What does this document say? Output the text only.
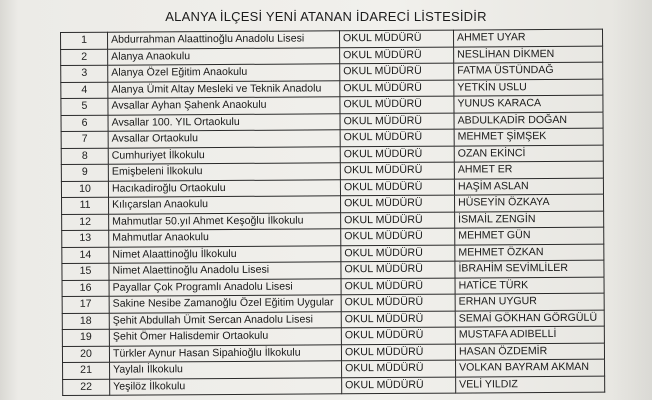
ALANYA İLÇESİ YENİ ATANAN İDARECİ LİSTESİDİR
1	Abdurrahman Alaattinoğlu Anadolu Lisesi	OKUL MÜDÜRÜ	AHMET UYAR
2	Alanya Anaokulu	OKUL MÜDÜRÜ	NESLİHAN DİKMEN
3	Alanya Özel Eğitim Anaokulu	OKUL MÜDÜRÜ	FATMA ÜSTÜNDAĞ
4	Alanya Ümit Altay Mesleki ve Teknik Anadolu	OKUL MÜDÜRÜ	YETKİN USLU
5	Avsallar Ayhan Şahenk Anaokulu	OKUL MÜDÜRÜ	YUNUS KARACA
6	Avsallar 100. YIL Ortaokulu	OKUL MÜDÜRÜ	ABDULKADİR DOĞAN
7	Avsallar Ortaokulu	OKUL MÜDÜRÜ	MEHMET ŞİMŞEK
8	Cumhuriyet İlkokulu	OKUL MÜDÜRÜ	OZAN EKİNCİ
9	Emişbeleni İlkokulu	OKUL MÜDÜRÜ	AHMET ER
10	Hacıkadiroğlu Ortaokulu	OKUL MÜDÜRÜ	HAŞİM ASLAN
11	Kılıçarslan Anaokulu	OKUL MÜDÜRÜ	HÜSEYİN ÖZKAYA
12	Mahmutlar 50.yıl Ahmet Keşoğlu İlkokulu	OKUL MÜDÜRÜ	İSMAİL ZENGİN
13	Mahmutlar Anaokulu	OKUL MÜDÜRÜ	MEHMET GÜN
14	Nimet Alaattinoğlu İlkokulu	OKUL MÜDÜRÜ	MEHMET ÖZKAN
15	Nimet Alaettinoğlu Anadolu Lisesi	OKUL MÜDÜRÜ	İBRAHİM SEVİMLİLER
16	Payallar Çok Programlı Anadolu Lisesi	OKUL MÜDÜRÜ	HATİCE TÜRK
17	Sakine Nesibe Zamanoğlu Özel Eğitim Uygular	OKUL MÜDÜRÜ	ERHAN UYGUR
18	Şehit Abdullah Ümit Sercan Anadolu Lisesi	OKUL MÜDÜRÜ	SEMAİ GÖKHAN GÖRGÜLÜ
19	Şehit Ömer Halisdemir Ortaokulu	OKUL MÜDÜRÜ	MUSTAFA ADIBELLİ
20	Türkler Aynur Hasan Sipahioğlu İlkokulu	OKUL MÜDÜRÜ	HASAN ÖZDEMİR
21	Yaylalı İlkokulu	OKUL MÜDÜRÜ	VOLKAN BAYRAM AKMAN
22	Yeşilöz İlkokulu	OKUL MÜDÜRÜ	VELİ YILDIZ
